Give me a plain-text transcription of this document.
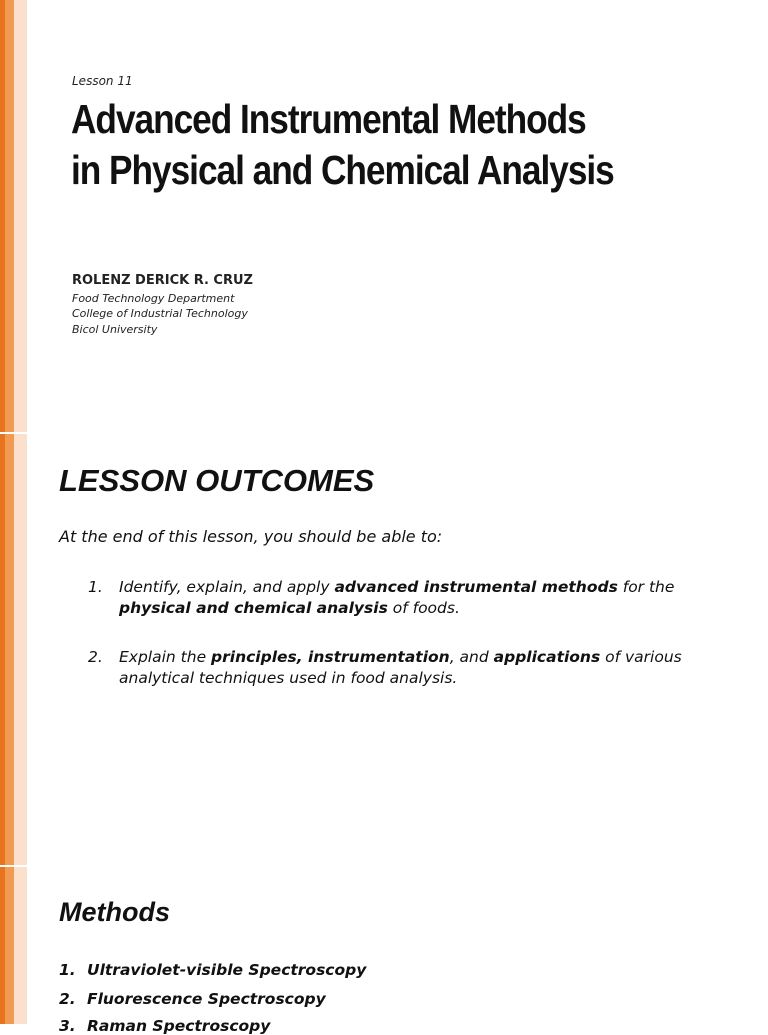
Lesson 11
Advanced Instrumental Methods
in Physical and Chemical Analysis
ROLENZ DERICK R. CRUZ
Food Technology Department
College of Industrial Technology
Bicol University
LESSON OUTCOMES
At the end of this lesson, you should be able to:
1. Identify, explain, and apply advanced instrumental methods for the
physical and chemical analysis of foods.
2. Explain the principles, instrumentation, and applications of various
analytical techniques used in food analysis.
Methods
1. Ultraviolet-visible Spectroscopy
2. Fluorescence Spectroscopy
3. Raman Spectroscopy
